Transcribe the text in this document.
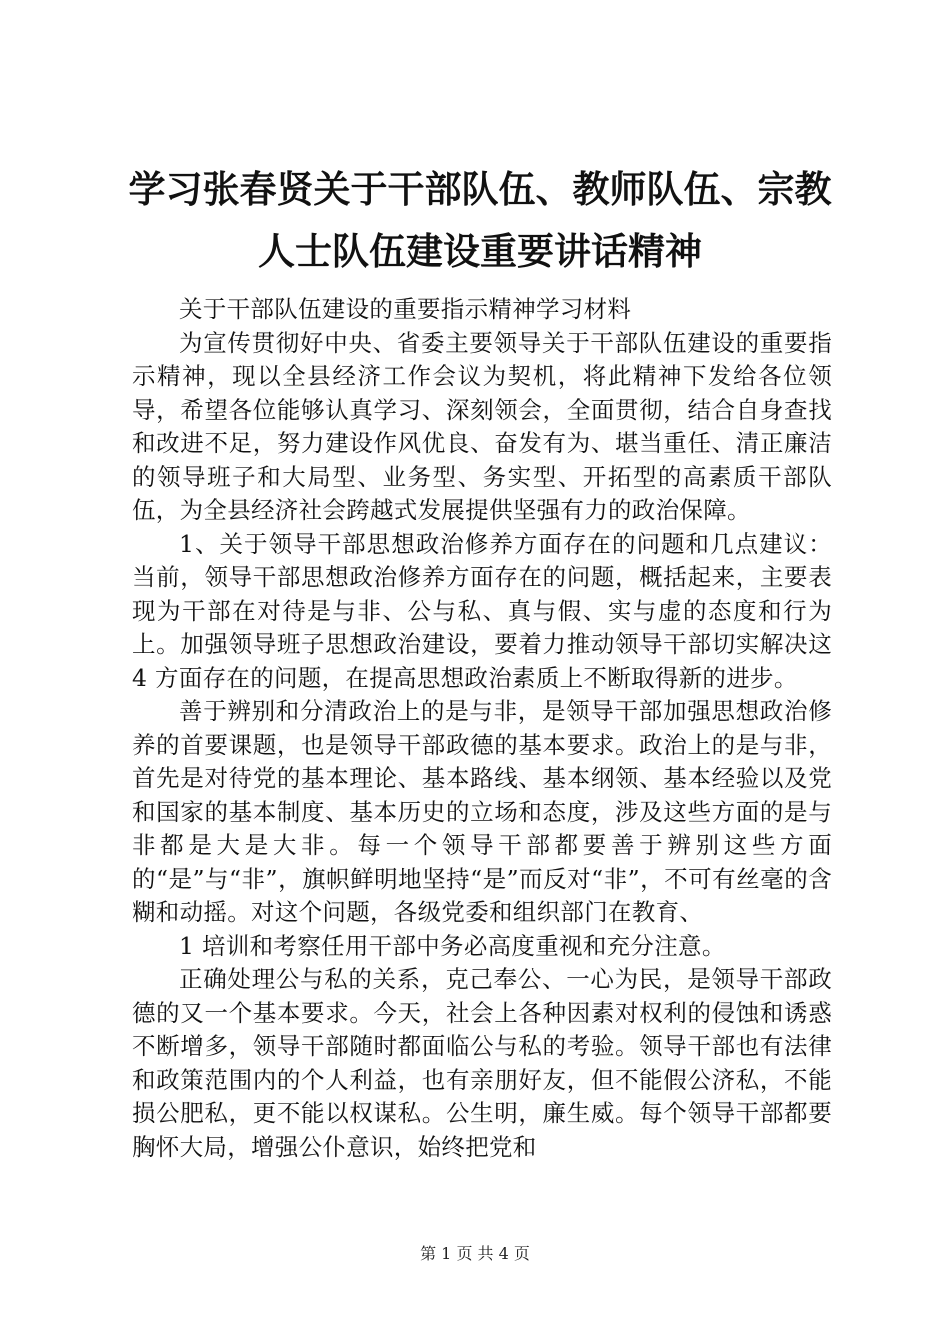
学习张春贤关于干部队伍、教师队伍、宗教人士队伍建设重要讲话精神

关于干部队伍建设的重要指示精神学习材料

为宣传贯彻好中央、省委主要领导关于干部队伍建设的重要指示精神，现以全县经济工作会议为契机，将此精神下发给各位领导，希望各位能够认真学习、深刻领会，全面贯彻，结合自身查找和改进不足，努力建设作风优良、奋发有为、堪当重任、清正廉洁的领导班子和大局型、业务型、务实型、开拓型的高素质干部队伍，为全县经济社会跨越式发展提供坚强有力的政治保障。

1、关于领导干部思想政治修养方面存在的问题和几点建议：当前，领导干部思想政治修养方面存在的问题，概括起来，主要表现为干部在对待是与非、公与私、真与假、实与虚的态度和行为上。加强领导班子思想政治建设，要着力推动领导干部切实解决这 4 方面存在的问题，在提高思想政治素质上不断取得新的进步。

善于辨别和分清政治上的是与非，是领导干部加强思想政治修养的首要课题，也是领导干部政德的基本要求。政治上的是与非，首先是对待党的基本理论、基本路线、基本纲领、基本经验以及党和国家的基本制度、基本历史的立场和态度，涉及这些方面的是与非都是大是大非。每一个领导干部都要善于辨别这些方面的“是”与“非”，旗帜鲜明地坚持“是”而反对“非”，不可有丝毫的含糊和动摇。对这个问题，各级党委和组织部门在教育、

1 培训和考察任用干部中务必高度重视和充分注意。

正确处理公与私的关系，克己奉公、一心为民，是领导干部政德的又一个基本要求。今天，社会上各种因素对权利的侵蚀和诱惑不断增多，领导干部随时都面临公与私的考验。领导干部也有法律和政策范围内的个人利益，也有亲朋好友，但不能假公济私，不能损公肥私，更不能以权谋私。公生明，廉生威。每个领导干部都要胸怀大局，增强公仆意识，始终把党和

第 1 页 共 4 页
